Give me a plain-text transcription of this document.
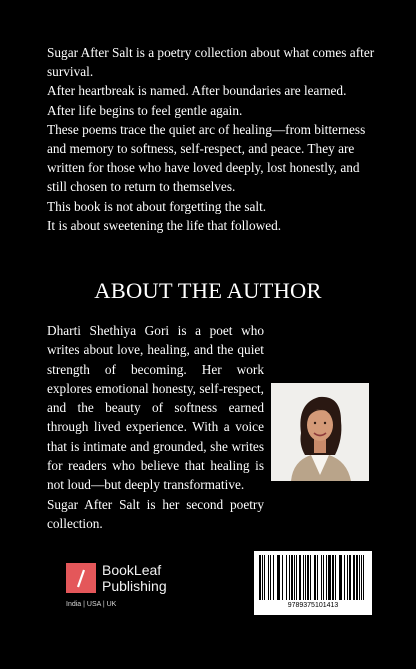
Sugar After Salt is a poetry collection about what comes after survival.

After heartbreak is named. After boundaries are learned. After life begins to feel gentle again.

These poems trace the quiet arc of healing—from bitterness and memory to softness, self-respect, and peace. They are written for those who have loved deeply, lost honestly, and still chosen to return to themselves.

This book is not about forgetting the salt.

It is about sweetening the life that followed.

ABOUT THE AUTHOR

Dharti Shethiya Gori is a poet who writes about love, healing, and the quiet strength of becoming. Her work explores emotional honesty, self-respect, and the beauty of softness earned through lived experience. With a voice that is intimate and grounded, she writes for readers who believe that healing is not loud—but deeply transformative.

Sugar After Salt is her second poetry collection.

BookLeaf
Publishing
India | USA | UK	9789375101413
